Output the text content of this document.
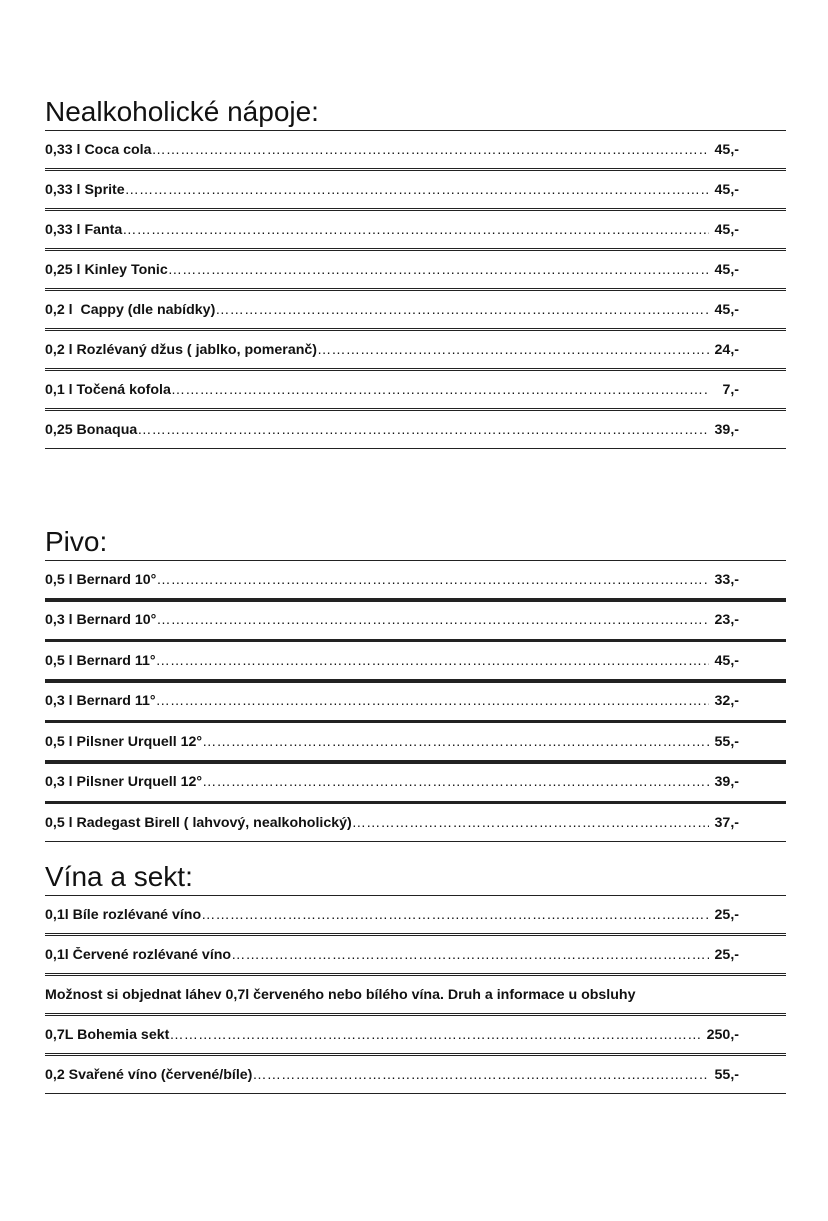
Nealkoholické nápoje:
0,33 l Coca cola ……………………………………………………………………………………………………………………………………………………………………………………………………………………………………	45,-
0,33 l Sprite ……………………………………………………………………………………………………………………………………………………………………………………………………………………………………	45,-
0,33 l Fanta ……………………………………………………………………………………………………………………………………………………………………………………………………………………………………	45,-
0,25 l Kinley Tonic ……………………………………………………………………………………………………………………………………………………………………………………………………………………………………	45,-
0,2 l  Cappy (dle nabídky) ……………………………………………………………………………………………………………………………………………………………………………………………………………………………………	45,-
0,2 l Rozlévaný džus ( jablko, pomeranč) ……………………………………………………………………………………………………………………………………………………………………………………………………………………………………	24,-
0,1 l Točená kofola ……………………………………………………………………………………………………………………………………………………………………………………………………………………………………	7,-
0,25 Bonaqua ……………………………………………………………………………………………………………………………………………………………………………………………………………………………………	39,-
Pivo:
0,5 l Bernard 10° ……………………………………………………………………………………………………………………………………………………………………………………………………………………………………	33,-
0,3 l Bernard 10° ……………………………………………………………………………………………………………………………………………………………………………………………………………………………………	23,-
0,5 l Bernard 11° ……………………………………………………………………………………………………………………………………………………………………………………………………………………………………	45,-
0,3 l Bernard 11° ……………………………………………………………………………………………………………………………………………………………………………………………………………………………………	32,-
0,5 l Pilsner Urquell 12° ……………………………………………………………………………………………………………………………………………………………………………………………………………………………………	55,-
0,3 l Pilsner Urquell 12° ……………………………………………………………………………………………………………………………………………………………………………………………………………………………………	39,-
0,5 l Radegast Birell ( lahvový, nealkoholický) ……………………………………………………………………………………………………………………………………………………………………………………………………………………………………	37,-
Vína a sekt:
0,1l Bíle rozlévané víno ……………………………………………………………………………………………………………………………………………………………………………………………………………………………………	25,-
0,1l Červené rozlévané víno ……………………………………………………………………………………………………………………………………………………………………………………………………………………………………	25,-
Možnost si objednat láhev 0,7l červeného nebo bílého vína. Druh a informace u obsluhy
0,7L Bohemia sekt ……………………………………………………………………………………………………………………………………………………………………………………………………………………………………	250,-
0,2 Svařené víno (červené/bíle) ……………………………………………………………………………………………………………………………………………………………………………………………………………………………………	55,-
